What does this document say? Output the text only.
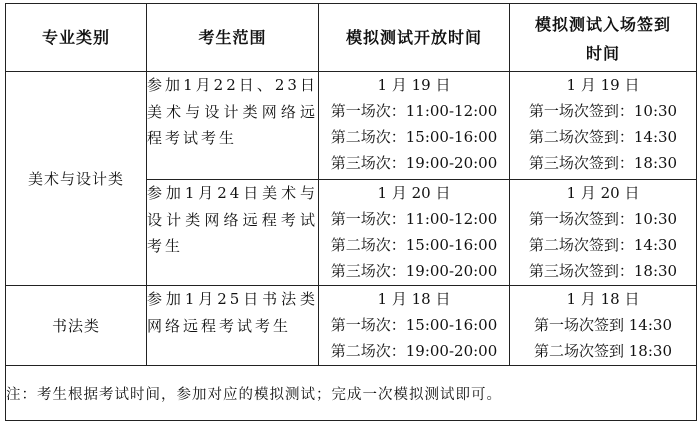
专业类别	考生范围	模拟测试开放时间	模拟测试入场签到
时间
美术与设计类	参加1月22日、23日美术与设计类网络远程考试考生	1 月 19 日
第一场次：11:00-12:00
第二场次：15:00-16:00
第三场次：19:00-20:00	1 月 19 日
第一场次签到：10:30
第二场次签到：14:30
第三场次签到：18:30

	参加1月24日美术与设计类网络远程考试考生	1 月 20 日
第一场次：11:00-12:00
第二场次：15:00-16:00
第三场次：19:00-20:00	1 月 20 日
第一场次签到：10:30
第二场次签到：14:30
第三场次签到：18:30

书法类	参加1月25日书法类网络远程考试考生	1 月 18 日
第一场次：15:00-16:00
第二场次：19:00-20:00	1 月 18 日
第一场次签到 14:30
第二场次签到 18:30

注：考生根据考试时间，参加对应的模拟测试；完成一次模拟测试即可。			
